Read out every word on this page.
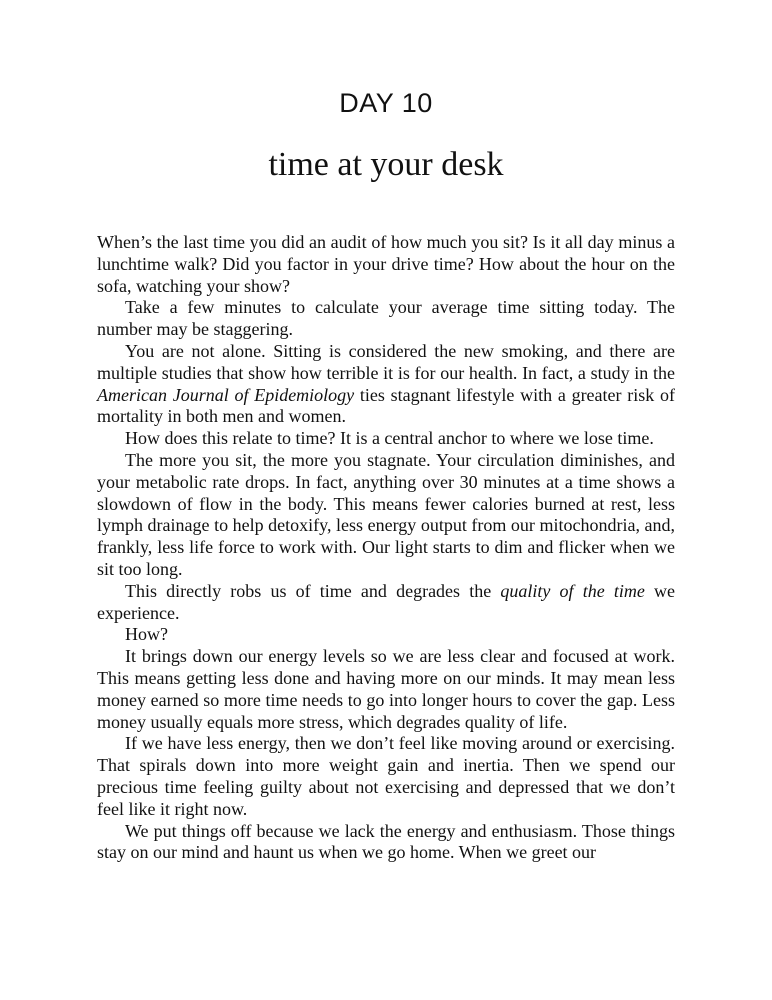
DAY 10
time at your desk

When’s the last time you did an audit of how much you sit? Is it all day minus a lunchtime walk? Did you factor in your drive time? How about the hour on the sofa, watching your show?

Take a few minutes to calculate your average time sitting today. The number may be staggering.

You are not alone. Sitting is considered the new smoking, and there are multiple studies that show how terrible it is for our health. In fact, a study in the American Journal of Epidemiology ties stagnant lifestyle with a greater risk of mortality in both men and women.

How does this relate to time? It is a central anchor to where we lose time.

The more you sit, the more you stagnate. Your circulation diminishes, and your metabolic rate drops. In fact, anything over 30 minutes at a time shows a slowdown of flow in the body. This means fewer calories burned at rest, less lymph drainage to help detoxify, less energy output from our mitochondria, and, frankly, less life force to work with. Our light starts to dim and flicker when we sit too long.

This directly robs us of time and degrades the quality of the time we experience.

How?

It brings down our energy levels so we are less clear and focused at work. This means getting less done and having more on our minds. It may mean less money earned so more time needs to go into longer hours to cover the gap. Less money usually equals more stress, which degrades quality of life.

If we have less energy, then we don’t feel like moving around or exercising. That spirals down into more weight gain and inertia. Then we spend our precious time feeling guilty about not exercising and depressed that we don’t feel like it right now.

We put things off because we lack the energy and enthusiasm. Those things stay on our mind and haunt us when we go home. When we greet our
